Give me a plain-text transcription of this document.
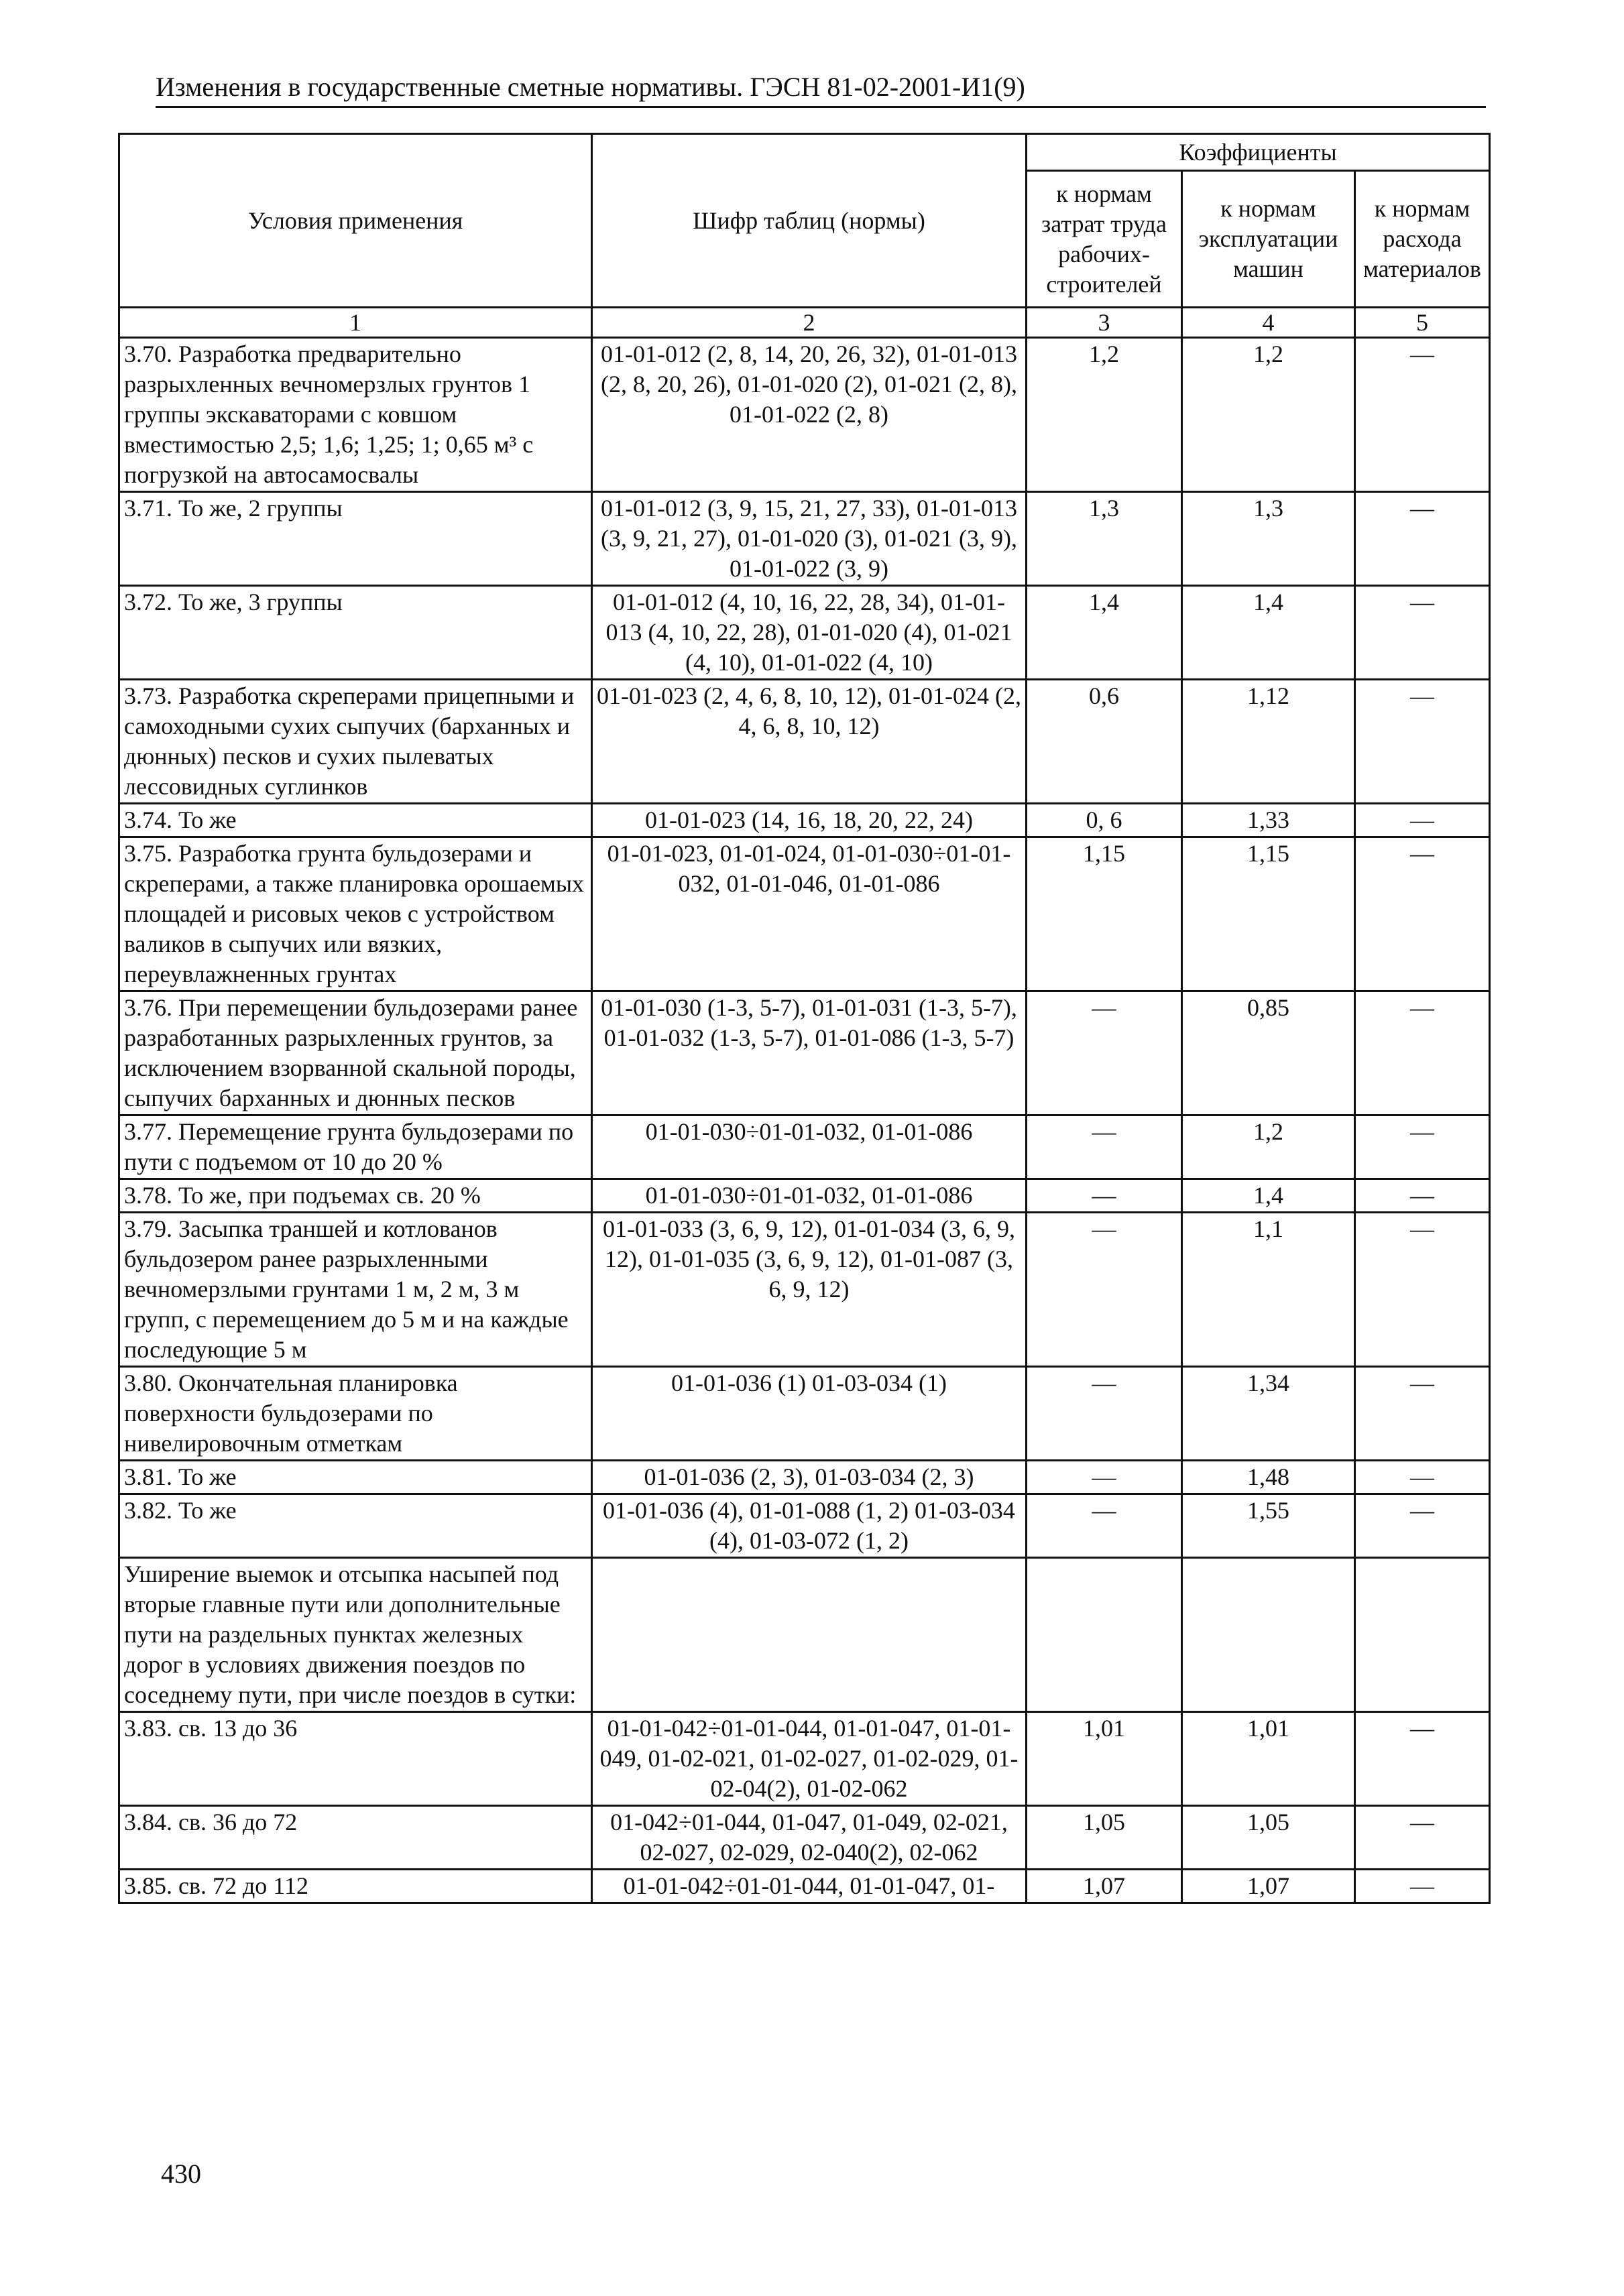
Изменения в государственные сметные нормативы. ГЭСН 81-02-2001-И1(9)
Условия применения	Шифр таблиц (нормы)	Коэффициенты		
		к нормам затрат труда рабочих-строителей	к нормам эксплуатации машин	к нормам расхода материалов
1	2	3	4	5
3.70. Разработка предварительно разрыхленных вечномерзлых грунтов 1 группы экскаваторами с ковшом вместимостью 2,5; 1,6; 1,25; 1; 0,65 м³ с погрузкой на автосамосвалы	01-01-012 (2, 8, 14, 20, 26, 32), 01-01-013 (2, 8, 20, 26), 01-01-020 (2), 01-021 (2, 8), 01-01-022 (2, 8)	1,2	1,2	—
3.71. То же, 2 группы	01-01-012 (3, 9, 15, 21, 27, 33), 01-01-013 (3, 9, 21, 27), 01-01-020 (3), 01-021 (3, 9), 01-01-022 (3, 9)	1,3	1,3	—
3.72. То же, 3 группы	01-01-012 (4, 10, 16, 22, 28, 34), 01-01-013 (4, 10, 22, 28), 01-01-020 (4), 01-021 (4, 10), 01-01-022 (4, 10)	1,4	1,4	—
3.73. Разработка скреперами прицепными и самоходными сухих сыпучих (барханных и дюнных) песков и сухих пылеватых лессовидных суглинков	01-01-023 (2, 4, 6, 8, 10, 12), 01-01-024 (2, 4, 6, 8, 10, 12)	0,6	1,12	—
3.74. То же	01-01-023 (14, 16, 18, 20, 22, 24)	0, 6	1,33	—
3.75. Разработка грунта бульдозерами и скреперами, а также планировка орошаемых площадей и рисовых чеков с устройством валиков в сыпучих или вязких, переувлажненных грунтах	01-01-023, 01-01-024, 01-01-030÷01-01-032, 01-01-046, 01-01-086	1,15	1,15	—
3.76. При перемещении бульдозерами ранее разработанных разрыхленных грунтов, за исключением взорванной скальной породы, сыпучих барханных и дюнных песков	01-01-030 (1-3, 5-7), 01-01-031 (1-3, 5-7), 01-01-032 (1-3, 5-7), 01-01-086 (1-3, 5-7)	—	0,85	—
3.77. Перемещение грунта бульдозерами по пути с подъемом от 10 до 20 %	01-01-030÷01-01-032, 01-01-086	—	1,2	—
3.78. То же, при подъемах св. 20 %	01-01-030÷01-01-032, 01-01-086	—	1,4	—
3.79. Засыпка траншей и котлованов бульдозером ранее разрыхленными вечномерзлыми грунтами 1 м, 2 м, 3 м групп, с перемещением до 5 м и на каждые последующие 5 м	01-01-033 (3, 6, 9, 12), 01-01-034 (3, 6, 9, 12), 01-01-035 (3, 6, 9, 12), 01-01-087 (3, 6, 9, 12)	—	1,1	—
3.80. Окончательная планировка поверхности бульдозерами по нивелировочным отметкам	01-01-036 (1) 01-03-034 (1)	—	1,34	—
3.81. То же	01-01-036 (2, 3), 01-03-034 (2, 3)	—	1,48	—
3.82. То же	01-01-036 (4), 01-01-088 (1, 2) 01-03-034 (4), 01-03-072 (1, 2)	—	1,55	—
Уширение выемок и отсыпка насыпей под вторые главные пути или дополнительные пути на раздельных пунктах железных дорог в условиях движения поездов по соседнему пути, при числе поездов в сутки:				
3.83. св. 13 до 36	01-01-042÷01-01-044, 01-01-047, 01-01-049, 01-02-021, 01-02-027, 01-02-029, 01-02-04(2), 01-02-062	1,01	1,01	—
3.84. св. 36 до 72	01-042÷01-044, 01-047, 01-049, 02-021, 02-027, 02-029, 02-040(2), 02-062	1,05	1,05	—
3.85. св. 72 до 112	01-01-042÷01-01-044, 01-01-047, 01-	1,07	1,07	—
430
